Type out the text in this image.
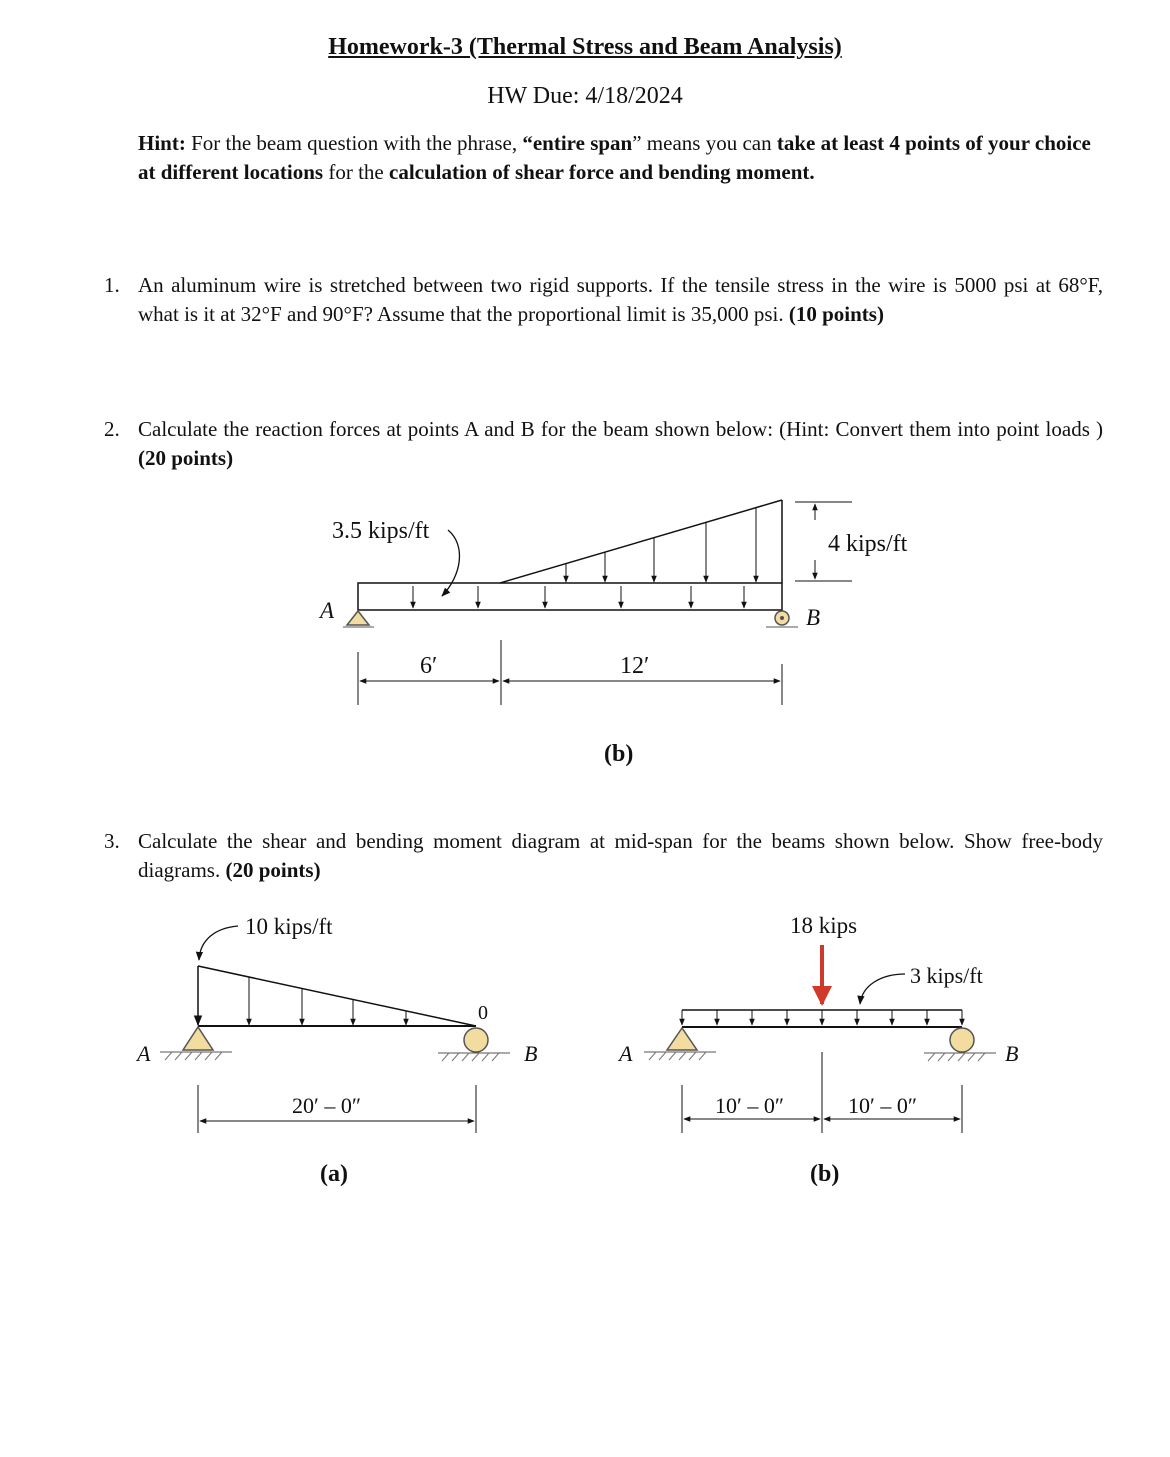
Homework-3 (Thermal Stress and Beam Analysis)
HW Due: 4/18/2024
Hint: For the beam question with the phrase, “entire span” means you can take at least 4 points of your choice at different locations for the calculation of shear force and bending moment.
1. An aluminum wire is stretched between two rigid supports. If the tensile stress in the wire is 5000 psi at 68°F, what is it at 32°F and 90°F? Assume that the proportional limit is 35,000 psi. (10 points)
2. Calculate the reaction forces at points A and B for the beam shown below: (Hint: Convert them into point loads ) (20 points)
3.5 kips/ft	4 kips/ft
A	B
6′	12′
(b)
3. Calculate the shear and bending moment diagram at mid-span for the beams shown below. Show free-body diagrams. (20 points)
10 kips/ft
0
A	B
20′ – 0″
(a)
18 kips
3 kips/ft
A	B
10′ – 0″	10′ – 0″
(b)
